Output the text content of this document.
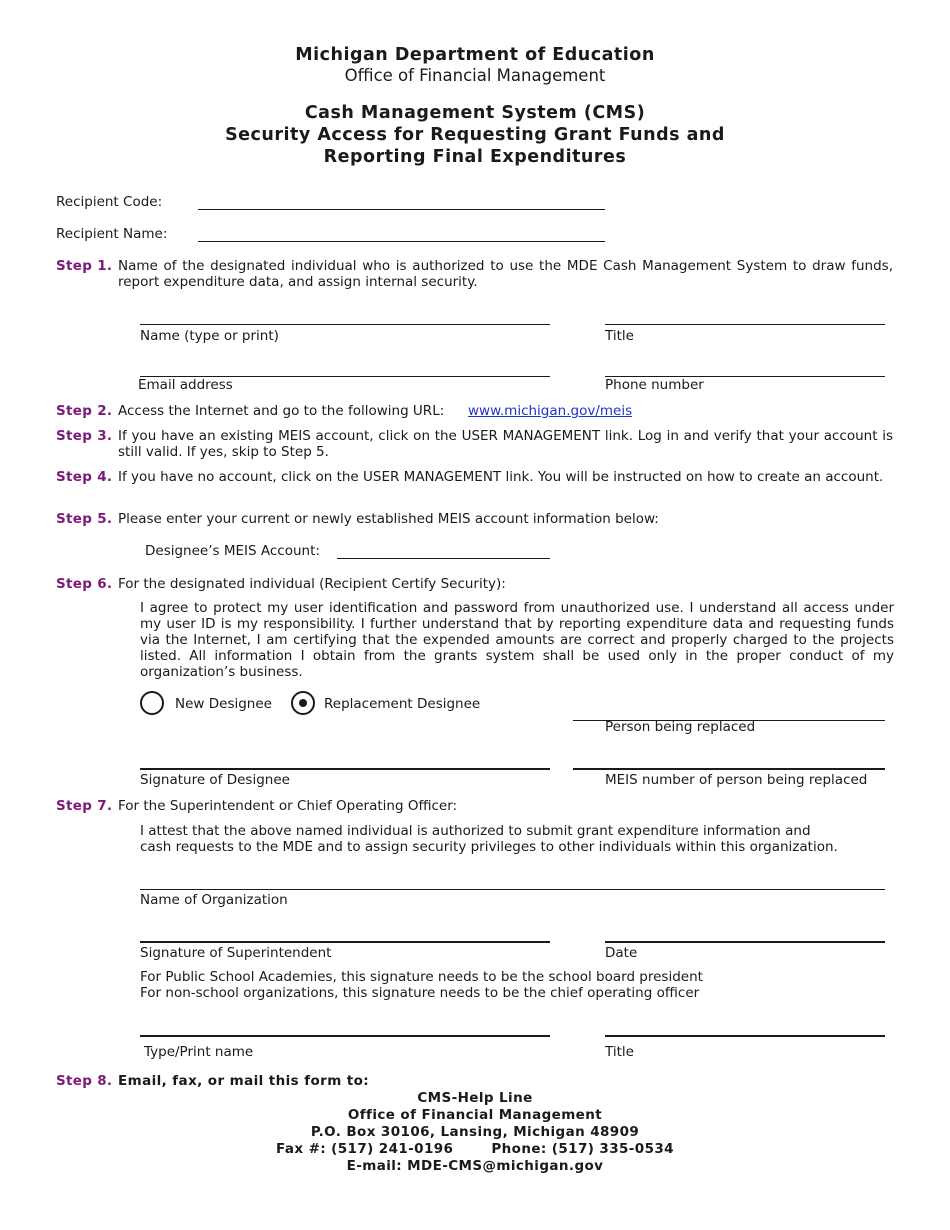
Michigan Department of Education
Office of Financial Management
Cash Management System (CMS)
Security Access for Requesting Grant Funds and
Reporting Final Expenditures
Recipient Code:
Recipient Name:
Step 1. Name of the designated individual who is authorized to use the MDE Cash Management System to draw funds, report expenditure data, and assign internal security.
Name (type or print)	Title
Email address	Phone number
Step 2. Access the Internet and go to the following URL: www.michigan.gov/meis
Step 3. If you have an existing MEIS account, click on the USER MANAGEMENT link. Log in and verify that your account is still valid. If yes, skip to Step 5.
Step 4. If you have no account, click on the USER MANAGEMENT link. You will be instructed on how to create an account.
Step 5. Please enter your current or newly established MEIS account information below:
Designee’s MEIS Account:
Step 6. For the designated individual (Recipient Certify Security):
I agree to protect my user identification and password from unauthorized use. I understand all access under my user ID is my responsibility. I further understand that by reporting expenditure data and requesting funds via the Internet, I am certifying that the expended amounts are correct and properly charged to the projects listed. All information I obtain from the grants system shall be used only in the proper conduct of my organization’s business.
New Designee	Replacement Designee
Person being replaced
Signature of Designee	MEIS number of person being replaced
Step 7. For the Superintendent or Chief Operating Officer:
I attest that the above named individual is authorized to submit grant expenditure information and
cash requests to the MDE and to assign security privileges to other individuals within this organization.
Name of Organization
Signature of Superintendent	Date
For Public School Academies, this signature needs to be the school board president
For non-school organizations, this signature needs to be the chief operating officer
Type/Print name	Title
Step 8. Email, fax, or mail this form to:
CMS-Help Line
Office of Financial Management
P.O. Box 30106, Lansing, Michigan 48909
Fax #: (517) 241-0196	Phone: (517) 335-0534
E-mail: MDE-CMS@michigan.gov
